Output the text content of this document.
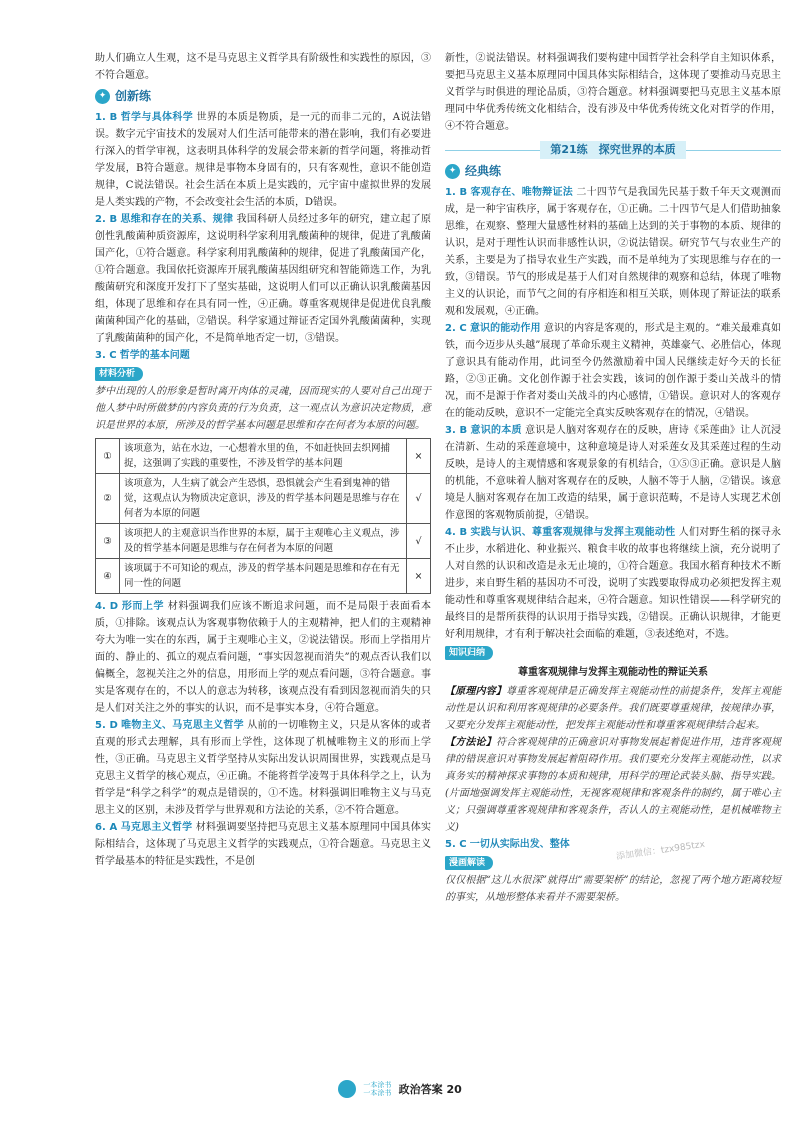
助人们确立人生观，这不是马克思主义哲学具有阶级性和实践性的原因，③不符合题意。

✦ 创新练

1. B 哲学与具体科学 世界的本质是物质，是一元的而非二元的，A说法错误。数字元宇宙技术的发展对人们生活可能带来的潜在影响，我们有必要进行深入的哲学审视，这表明具体科学的发展会带来新的哲学问题，将推动哲学发展，B符合题意。规律是事物本身固有的，只有客观性，意识不能创造规律，C说法错误。社会生活在本质上是实践的，元宇宙中虚拟世界的发展是人类实践的产物，不会改变社会生活的本质，D错误。

2. B 思维和存在的关系、规律 我国科研人员经过多年的研究，建立起了原创性乳酸菌种质资源库，这说明科学家利用乳酸菌种的规律，促进了乳酸菌国产化，①符合题意。科学家利用乳酸菌种的规律，促进了乳酸菌国产化，①符合题意。我国依托资源库开展乳酸菌基因组研究和智能筛选工作，为乳酸菌研究和深度开发打下了坚实基础，这说明人们可以正确认识乳酸菌基因组，体现了思维和存在具有同一性，④正确。尊重客观规律是促进优良乳酸菌菌种国产化的基础，②错误。科学家通过辩证否定国外乳酸菌菌种，实现了乳酸菌菌种的国产化，不是简单地否定一切，③错误。

3. C 哲学的基本问题

材料分析

梦中出现的人的形象是暂时离开肉体的灵魂，因而现实的人要对自己出现于他人梦中时所做梦的内容负责的行为负责，这一观点认为意识决定物质，意识是世界的本原，所涉及的哲学基本问题是思维和存在何者为本原的问题。

①	该项意为，站在水边，一心想着水里的鱼，不如赶快回去织网捕捉，这强调了实践的重要性，不涉及哲学的基本问题	×
②	该项意为，人生病了就会产生恐惧，恐惧就会产生看到鬼神的错觉，这观点认为物质决定意识，涉及的哲学基本问题是思维与存在何者为本原的问题	√
③	该项把人的主观意识当作世界的本原，属于主观唯心主义观点，涉及的哲学基本问题是思维与存在何者为本原的问题	√
④	该项属于不可知论的观点，涉及的哲学基本问题是思维和存在有无同一性的问题	×

4. D 形而上学 材料强调我们应该不断追求问题，而不是局限于表面看本质，①排除。该观点认为客观事物依赖于人的主观精神，把人们的主观精神夸大为唯一实在的东西，属于主观唯心主义，②说法错误。形而上学指用片面的、静止的、孤立的观点看问题，“事实因忽视而消失”的观点否认我们以偏概全，忽视关注之外的信息，用形而上学的观点看问题，③符合题意。事实是客观存在的，不以人的意志为转移，该观点没有看到因忽视而消失的只是人们对关注之外的事实的认识，而不是事实本身，④符合题意。

5. D 唯物主义、马克思主义哲学 从前的一切唯物主义，只是从客体的或者直观的形式去理解，具有形而上学性，这体现了机械唯物主义的形而上学性，③正确。马克思主义哲学坚持从实际出发认识周围世界，实践观点是马克思主义哲学的核心观点，④正确。不能将哲学凌驾于具体科学之上，认为哲学是“科学之科学”的观点是错误的，①不选。材料强调旧唯物主义与马克思主义的区别，未涉及哲学与世界观和方法论的关系，②不符合题意。

6. A 马克思主义哲学 材料强调要坚持把马克思主义基本原理同中国具体实际相结合，这体现了马克思主义哲学的实践观点，①符合题意。马克思主义哲学最基本的特征是实践性，不是创

新性，②说法错误。材料强调我们要构建中国哲学社会科学自主知识体系，要把马克思主义基本原理同中国具体实际相结合，这体现了要推动马克思主义哲学与时俱进的理论品质，③符合题意。材料强调要把马克思主义基本原理同中华优秀传统文化相结合，没有涉及中华优秀传统文化对哲学的作用，④不符合题意。

第21练　探究世界的本质
✦ 经典练

1. B 客观存在、唯物辩证法 二十四节气是我国先民基于数千年天文观测而成，是一种宇宙秩序，属于客观存在，①正确。二十四节气是人们借助抽象思维，在观察、整理大量感性材料的基础上达到的关于事物的本质、规律的认识，是对于理性认识而非感性认识，②说法错误。研究节气与农业生产的关系，主要是为了指导农业生产实践，而不是单纯为了实现思维与存在的一致，③错误。节气的形成是基于人们对自然规律的观察和总结，体现了唯物主义的认识论，而节气之间的有序相连和相互关联，则体现了辩证法的联系观和发展观，④正确。

2. C 意识的能动作用 意识的内容是客观的，形式是主观的。“难关最难真如铁，而今迈步从头越”展现了革命乐观主义精神，英雄豪气、必胜信心，体现了意识具有能动作用，此词至今仍然激励着中国人民继续走好今天的长征路，②③正确。文化创作源于社会实践，该词的创作源于娄山关战斗的情况，而不是源于作者对娄山关战斗的内心感情，①错误。意识对人的客观存在的能动反映，意识不一定能完全真实反映客观存在的情况，④错误。

3. B 意识的本质 意识是人脑对客观存在的反映，唐诗《采莲曲》让人沉浸在清新、生动的采莲意境中，这种意境是诗人对采莲女及其采莲过程的生动反映，是诗人的主观情感和客观景象的有机结合，①⑤③正确。意识是人脑的机能，不意味着人脑对客观存在的反映，人脑不等于人脑，②错误。该意境是人脑对客观存在加工改造的结果，属于意识范畴，不是诗人实现艺术创作意图的客观物质前提，④错误。

4. B 实践与认识、尊重客观规律与发挥主观能动性 人们对野生稻的探寻永不止步，水稻进化、种业振兴、粮食丰收的故事也将继续上演，充分说明了人对自然的认识和改造是永无止境的，①符合题意。我国水稻育种技术不断进步，来自野生稻的基因功不可没，说明了实践要取得成功必须把发挥主观能动性和尊重客观规律结合起来，④符合题意。知识性错误——科学研究的最终目的是帮所获得的认识用于指导实践，②错误。正确认识规律，才能更好利用规律，才有利于解决社会面临的难题，③表述绝对，不选。

知识归纳
尊重客观规律与发挥主观能动性的辩证关系

【原理内容】尊重客观规律是正确发挥主观能动性的前提条件，发挥主观能动性是认识和利用客观规律的必要条件。我们既要尊重规律，按规律办事，又要充分发挥主观能动性，把发挥主观能动性和尊重客观规律结合起来。

【方法论】符合客观规律的正确意识对事物发展起着促进作用，违背客观规律的错误意识对事物发展起着阻碍作用。我们要充分发挥主观能动性，以求真务实的精神探求事物的本质和规律，用科学的理论武装头脑、指导实践。(片面地强调发挥主观能动性，无视客观规律和客观条件的制约，属于唯心主义；只强调尊重客观规律和客观条件，否认人的主观能动性，是机械唯物主义)

5. C 一切从实际出发、整体

漫画解读

仅仅根据“这儿水很深”就得出“需要架桥”的结论，忽视了两个地方距离较短的事实，从地形整体来看并不需要架桥。

添加微信：tzx985tzx
一本涂书
一本涂书 政治答案 20
